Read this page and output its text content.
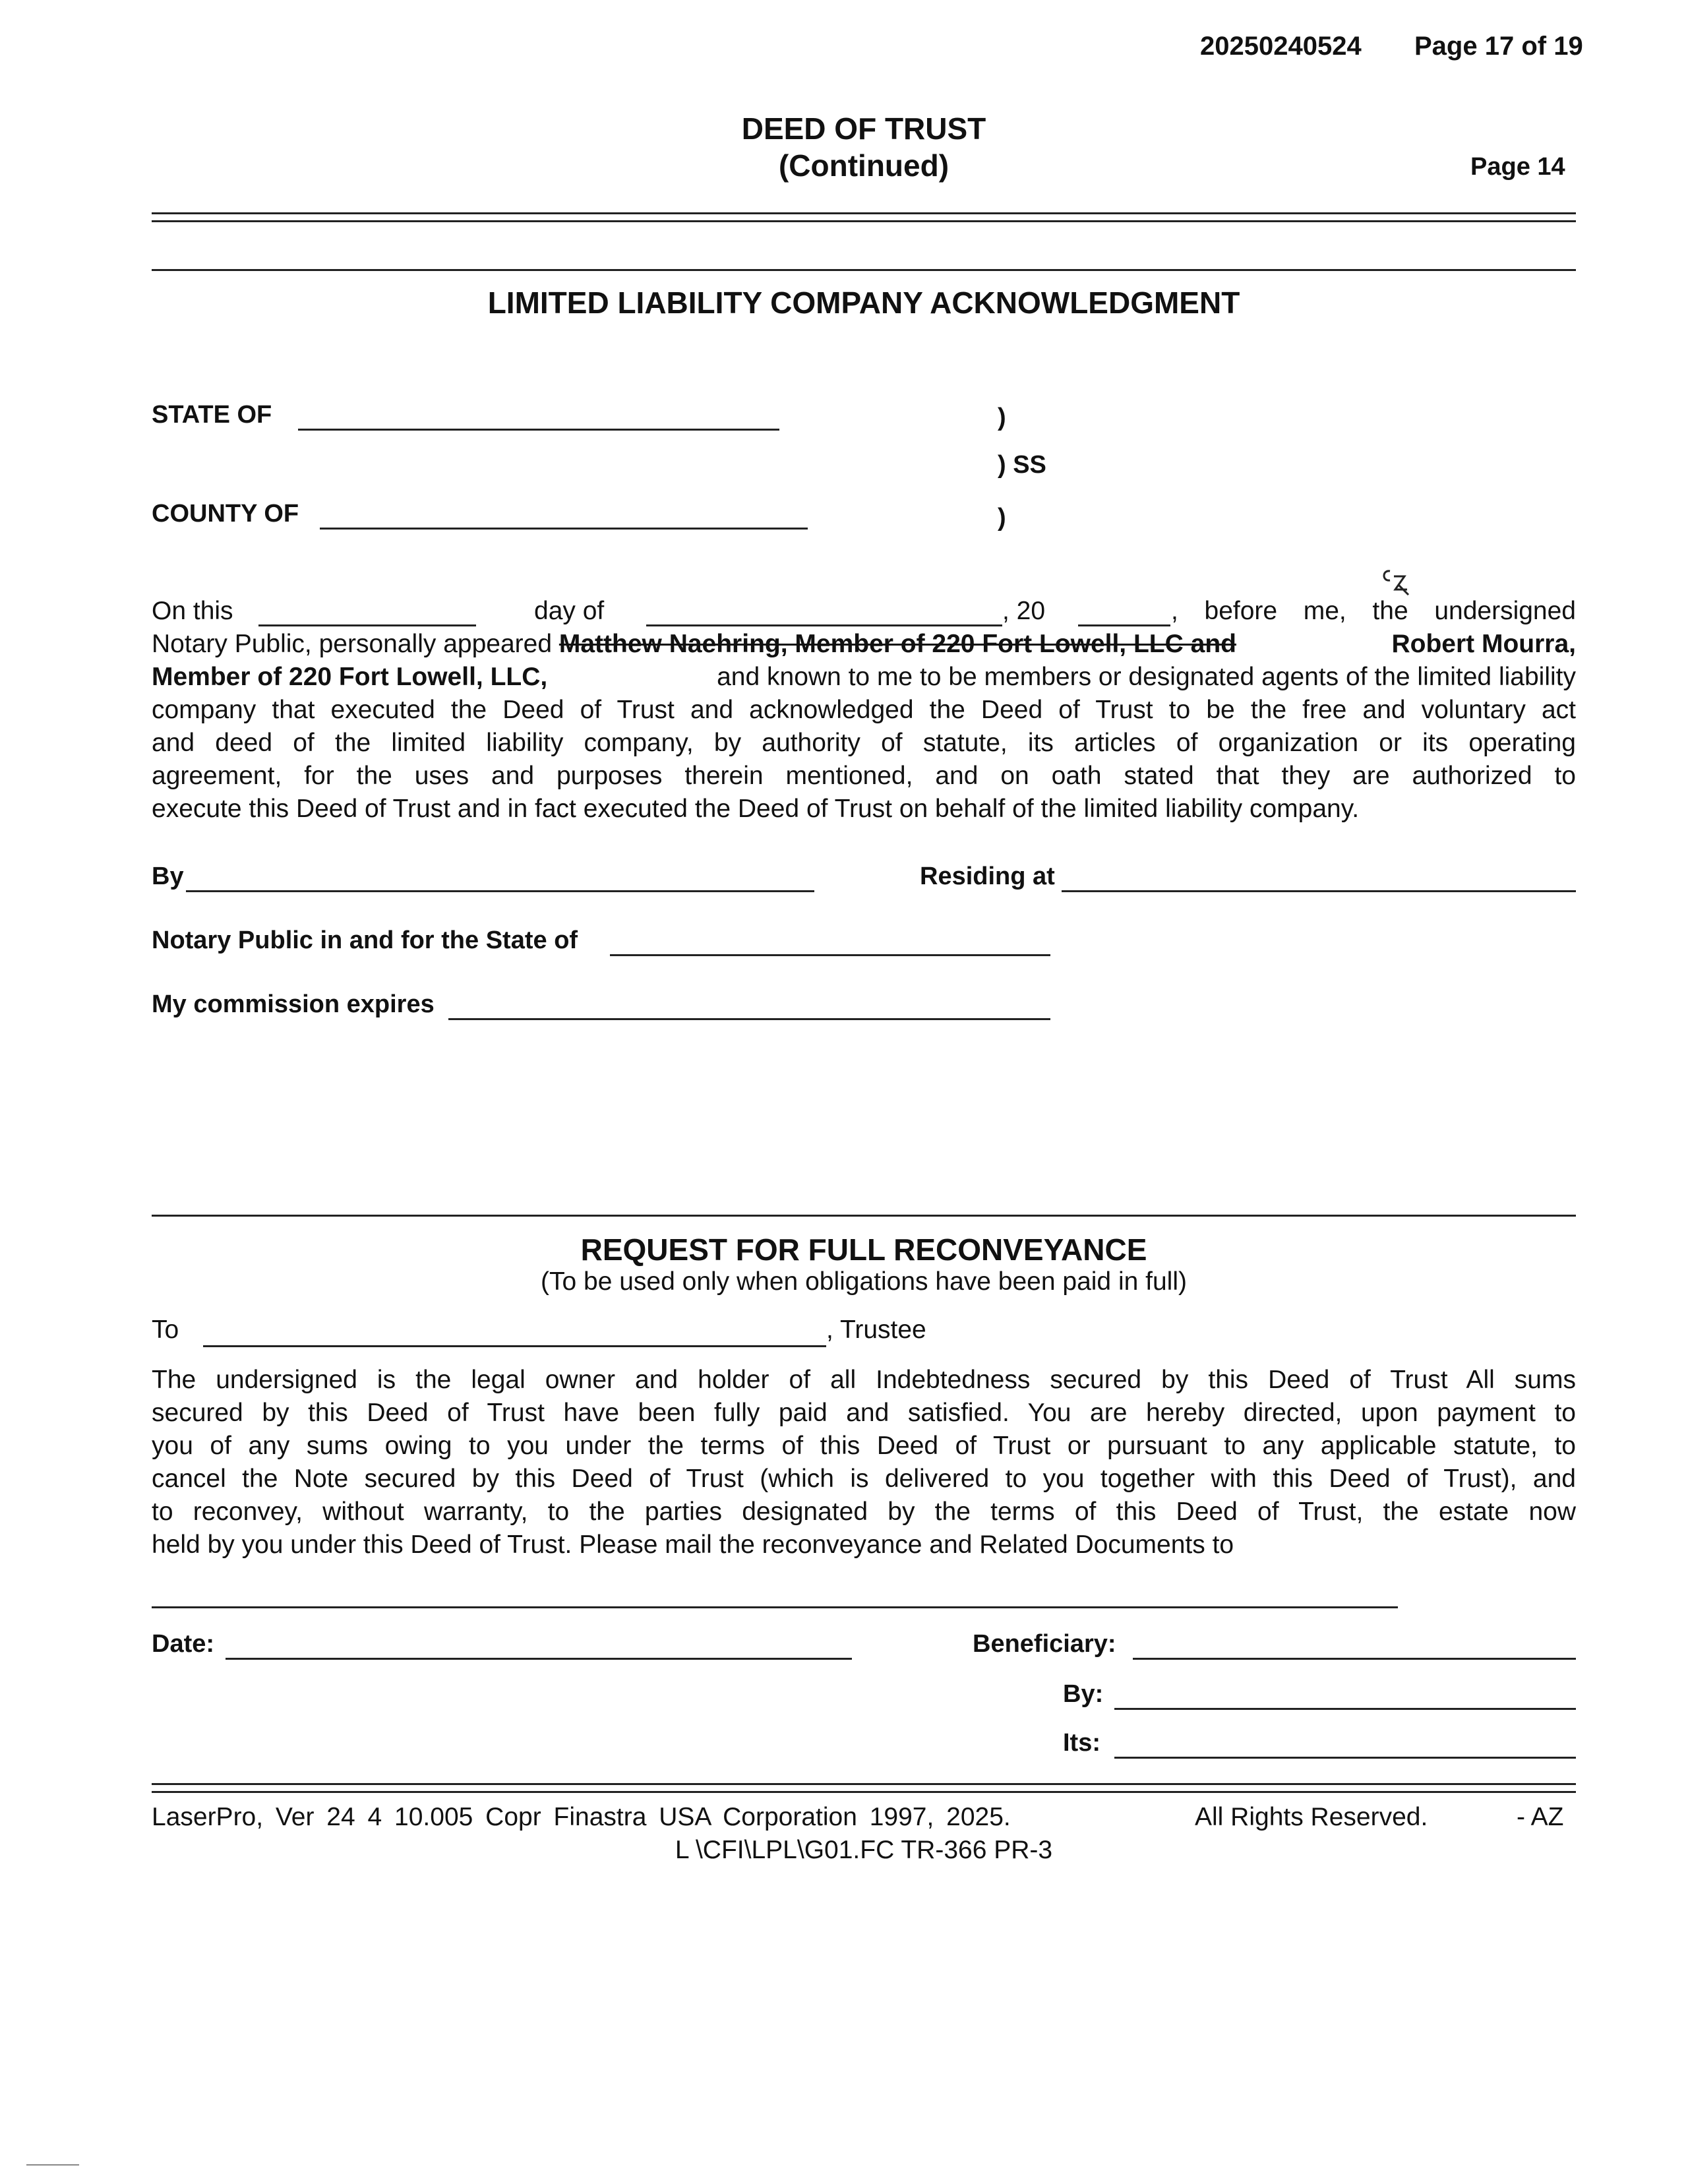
20250240524 Page 17 of 19
DEED OF TRUST
(Continued)	Page 14
LIMITED LIABILITY COMPANY ACKNOWLEDGMENT
STATE OF	)
) SS
)
COUNTY OF
On this	day of	, 20	, before me, the undersigned
Notary Public, personally appeared Matthew Naehring, Member of 220 Fort Lowell, LLC and	Robert Mourra,
Member of 220 Fort Lowell, LLC,	and known to me to be members or designated agents of the limited liability
company that executed the Deed of Trust and acknowledged the Deed of Trust to be the free and voluntary act
and deed of the limited liability company, by authority of statute, its articles of organization or its operating
agreement, for the uses and purposes therein mentioned, and on oath stated that they are authorized to
execute this Deed of Trust and in fact executed the Deed of Trust on behalf of the limited liability company.
By	Residing at
Notary Public in and for the State of
My commission expires
REQUEST FOR FULL RECONVEYANCE
(To be used only when obligations have been paid in full)
To	, Trustee
The undersigned is the legal owner and holder of all Indebtedness secured by this Deed of Trust All sums
secured by this Deed of Trust have been fully paid and satisfied. You are hereby directed, upon payment to
you of any sums owing to you under the terms of this Deed of Trust or pursuant to any applicable statute, to
cancel the Note secured by this Deed of Trust (which is delivered to you together with this Deed of Trust), and
to reconvey, without warranty, to the parties designated by the terms of this Deed of Trust, the estate now
held by you under this Deed of Trust. Please mail the reconveyance and Related Documents to
Date:	Beneficiary:
By:
Its:
LaserPro, Ver 24 4 10.005 Copr Finastra USA Corporation 1997, 2025.	All Rights Reserved.	- AZ
L \CFI\LPL\G01.FC TR-366 PR-3
